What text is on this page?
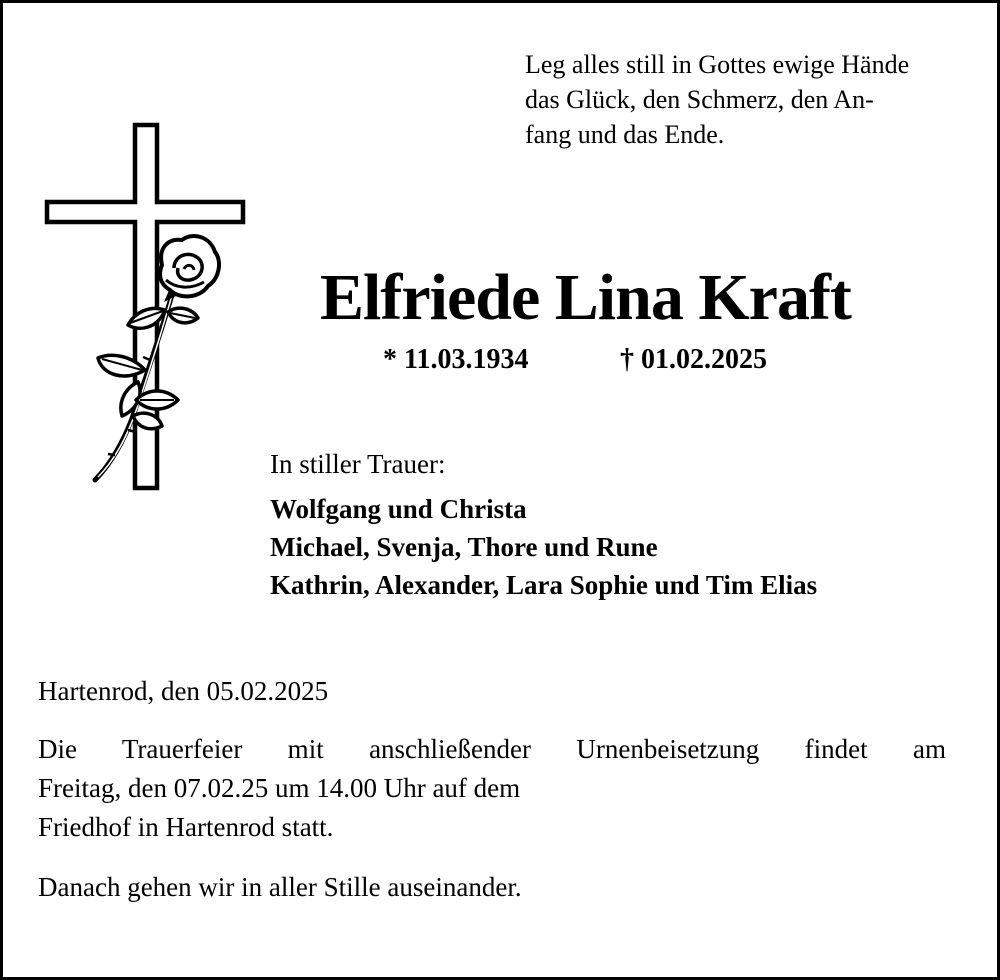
Leg alles still in Gottes ewige Hände
das Glück, den Schmerz, den An-
fang und das Ende.
Elfriede Lina Kraft
* 11.03.1934	† 01.02.2025
In stiller Trauer:
Wolfgang und Christa
Michael, Svenja, Thore und Rune
Kathrin, Alexander, Lara Sophie und Tim Elias
Hartenrod, den 05.02.2025
Die Trauerfeier mit anschließender Urnenbeisetzung findet am
Freitag, den 07.02.25 um 14.00 Uhr auf dem
Friedhof in Hartenrod statt.
Danach gehen wir in aller Stille auseinander.
